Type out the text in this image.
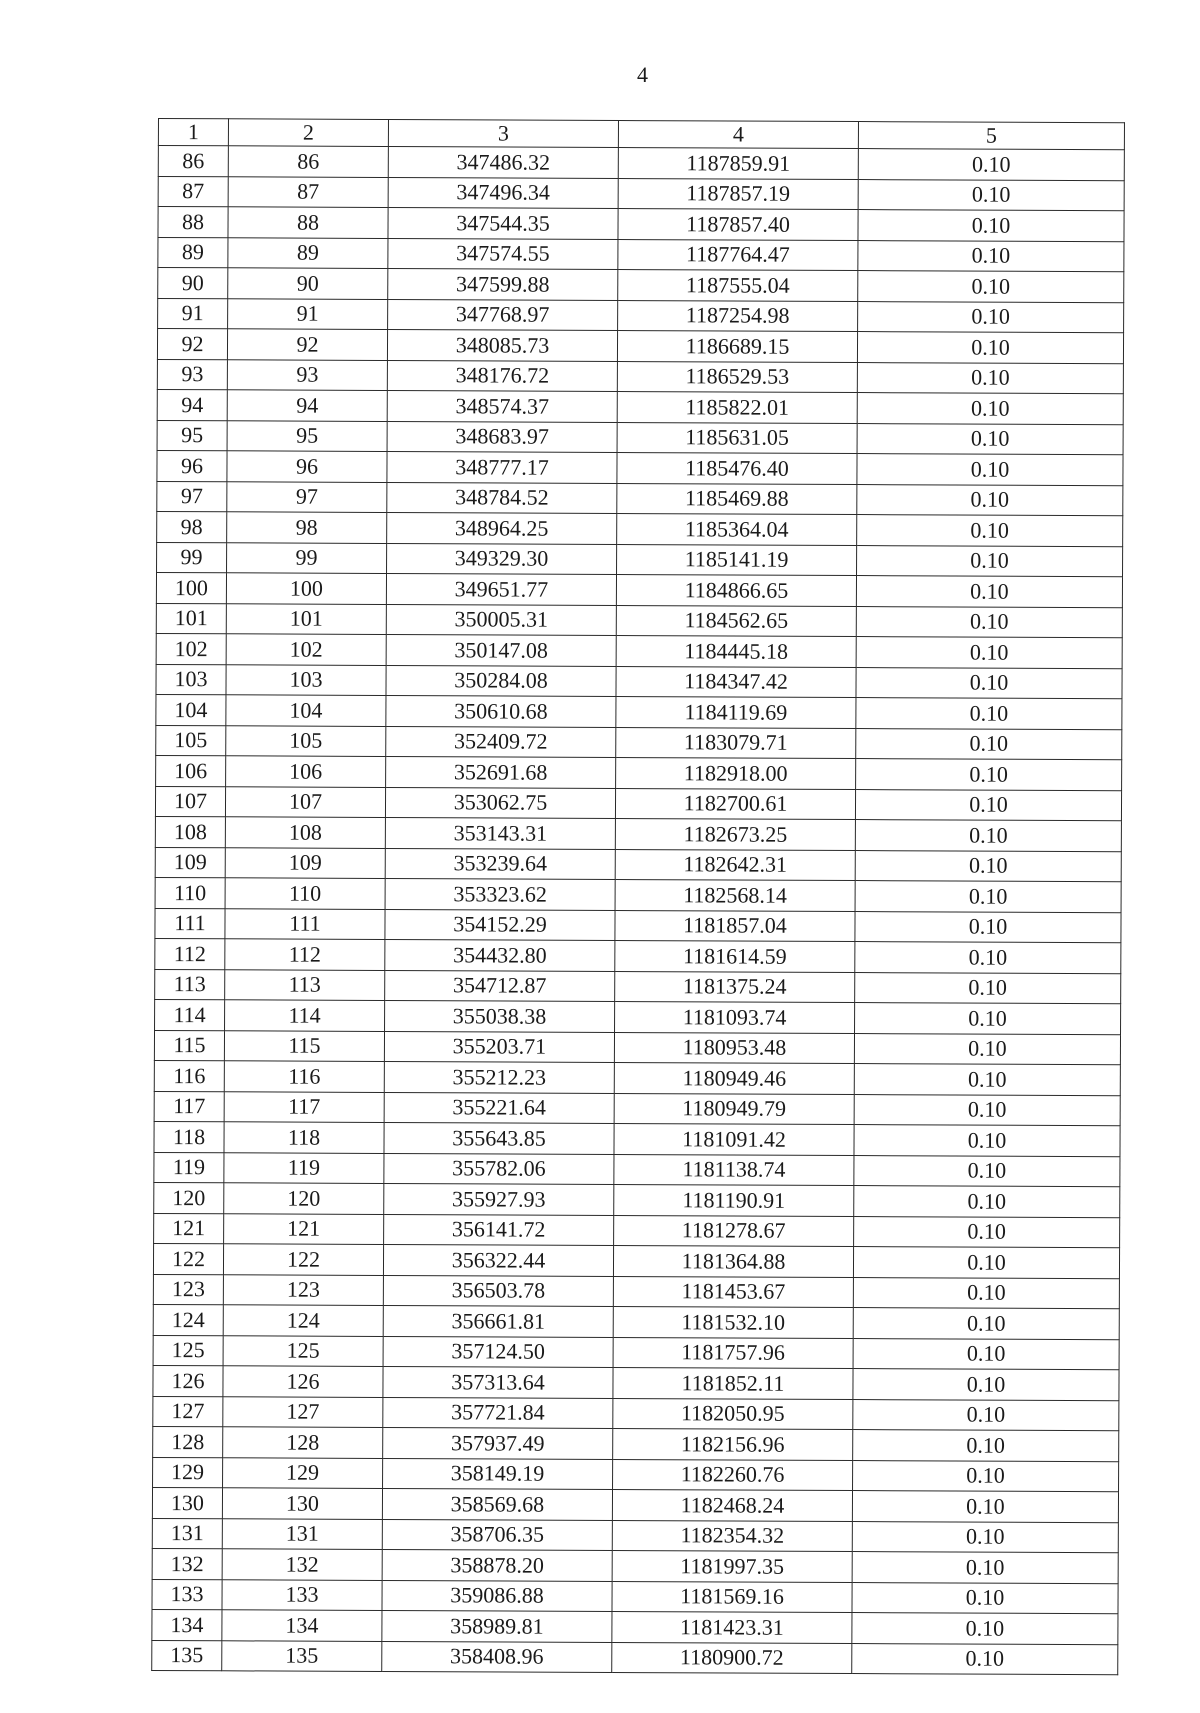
4
1	2	3	4	5
86	86	347486.32	1187859.91	0.10
87	87	347496.34	1187857.19	0.10
88	88	347544.35	1187857.40	0.10
89	89	347574.55	1187764.47	0.10
90	90	347599.88	1187555.04	0.10
91	91	347768.97	1187254.98	0.10
92	92	348085.73	1186689.15	0.10
93	93	348176.72	1186529.53	0.10
94	94	348574.37	1185822.01	0.10
95	95	348683.97	1185631.05	0.10
96	96	348777.17	1185476.40	0.10
97	97	348784.52	1185469.88	0.10
98	98	348964.25	1185364.04	0.10
99	99	349329.30	1185141.19	0.10
100	100	349651.77	1184866.65	0.10
101	101	350005.31	1184562.65	0.10
102	102	350147.08	1184445.18	0.10
103	103	350284.08	1184347.42	0.10
104	104	350610.68	1184119.69	0.10
105	105	352409.72	1183079.71	0.10
106	106	352691.68	1182918.00	0.10
107	107	353062.75	1182700.61	0.10
108	108	353143.31	1182673.25	0.10
109	109	353239.64	1182642.31	0.10
110	110	353323.62	1182568.14	0.10
111	111	354152.29	1181857.04	0.10
112	112	354432.80	1181614.59	0.10
113	113	354712.87	1181375.24	0.10
114	114	355038.38	1181093.74	0.10
115	115	355203.71	1180953.48	0.10
116	116	355212.23	1180949.46	0.10
117	117	355221.64	1180949.79	0.10
118	118	355643.85	1181091.42	0.10
119	119	355782.06	1181138.74	0.10
120	120	355927.93	1181190.91	0.10
121	121	356141.72	1181278.67	0.10
122	122	356322.44	1181364.88	0.10
123	123	356503.78	1181453.67	0.10
124	124	356661.81	1181532.10	0.10
125	125	357124.50	1181757.96	0.10
126	126	357313.64	1181852.11	0.10
127	127	357721.84	1182050.95	0.10
128	128	357937.49	1182156.96	0.10
129	129	358149.19	1182260.76	0.10
130	130	358569.68	1182468.24	0.10
131	131	358706.35	1182354.32	0.10
132	132	358878.20	1181997.35	0.10
133	133	359086.88	1181569.16	0.10
134	134	358989.81	1181423.31	0.10
135	135	358408.96	1180900.72	0.10
